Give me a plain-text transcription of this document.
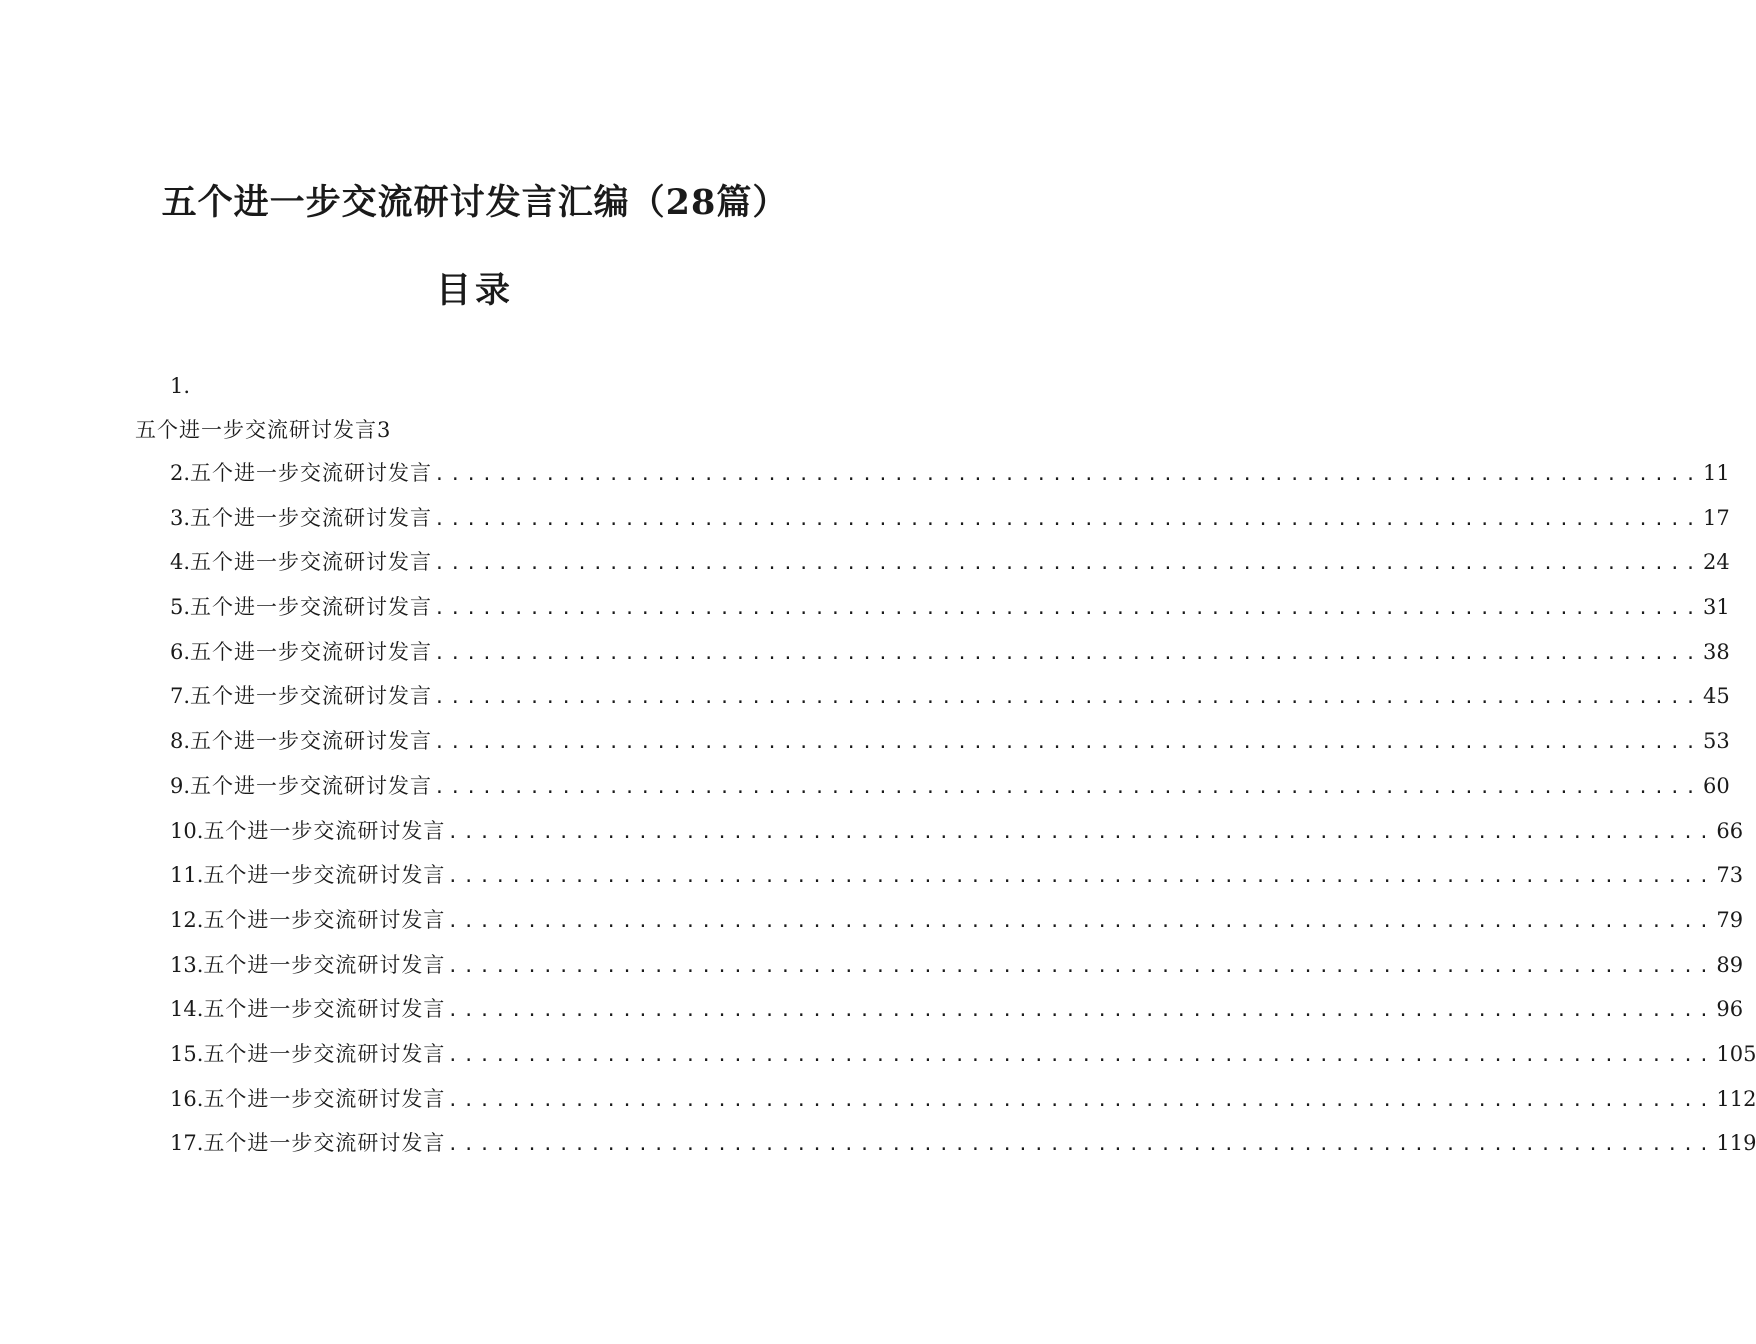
五个进一步交流研讨发言汇编（28篇）
目录
1.
五个进一步交流研讨发言3
2. 五个进一步交流研讨发言 ................................................................................ 11
3. 五个进一步交流研讨发言 ................................................................................ 17
4. 五个进一步交流研讨发言 ................................................................................ 24
5. 五个进一步交流研讨发言 ................................................................................ 31
6. 五个进一步交流研讨发言 ................................................................................ 38
7. 五个进一步交流研讨发言 ................................................................................ 45
8. 五个进一步交流研讨发言 ................................................................................ 53
9. 五个进一步交流研讨发言 ................................................................................ 60
10. 五个进一步交流研讨发言 ................................................................................ 66
11. 五个进一步交流研讨发言 ................................................................................ 73
12. 五个进一步交流研讨发言 ................................................................................ 79
13. 五个进一步交流研讨发言 ................................................................................ 89
14. 五个进一步交流研讨发言 ................................................................................ 96
15. 五个进一步交流研讨发言 ................................................................................ 105
16. 五个进一步交流研讨发言 ................................................................................ 112
17. 五个进一步交流研讨发言 ................................................................................ 119
